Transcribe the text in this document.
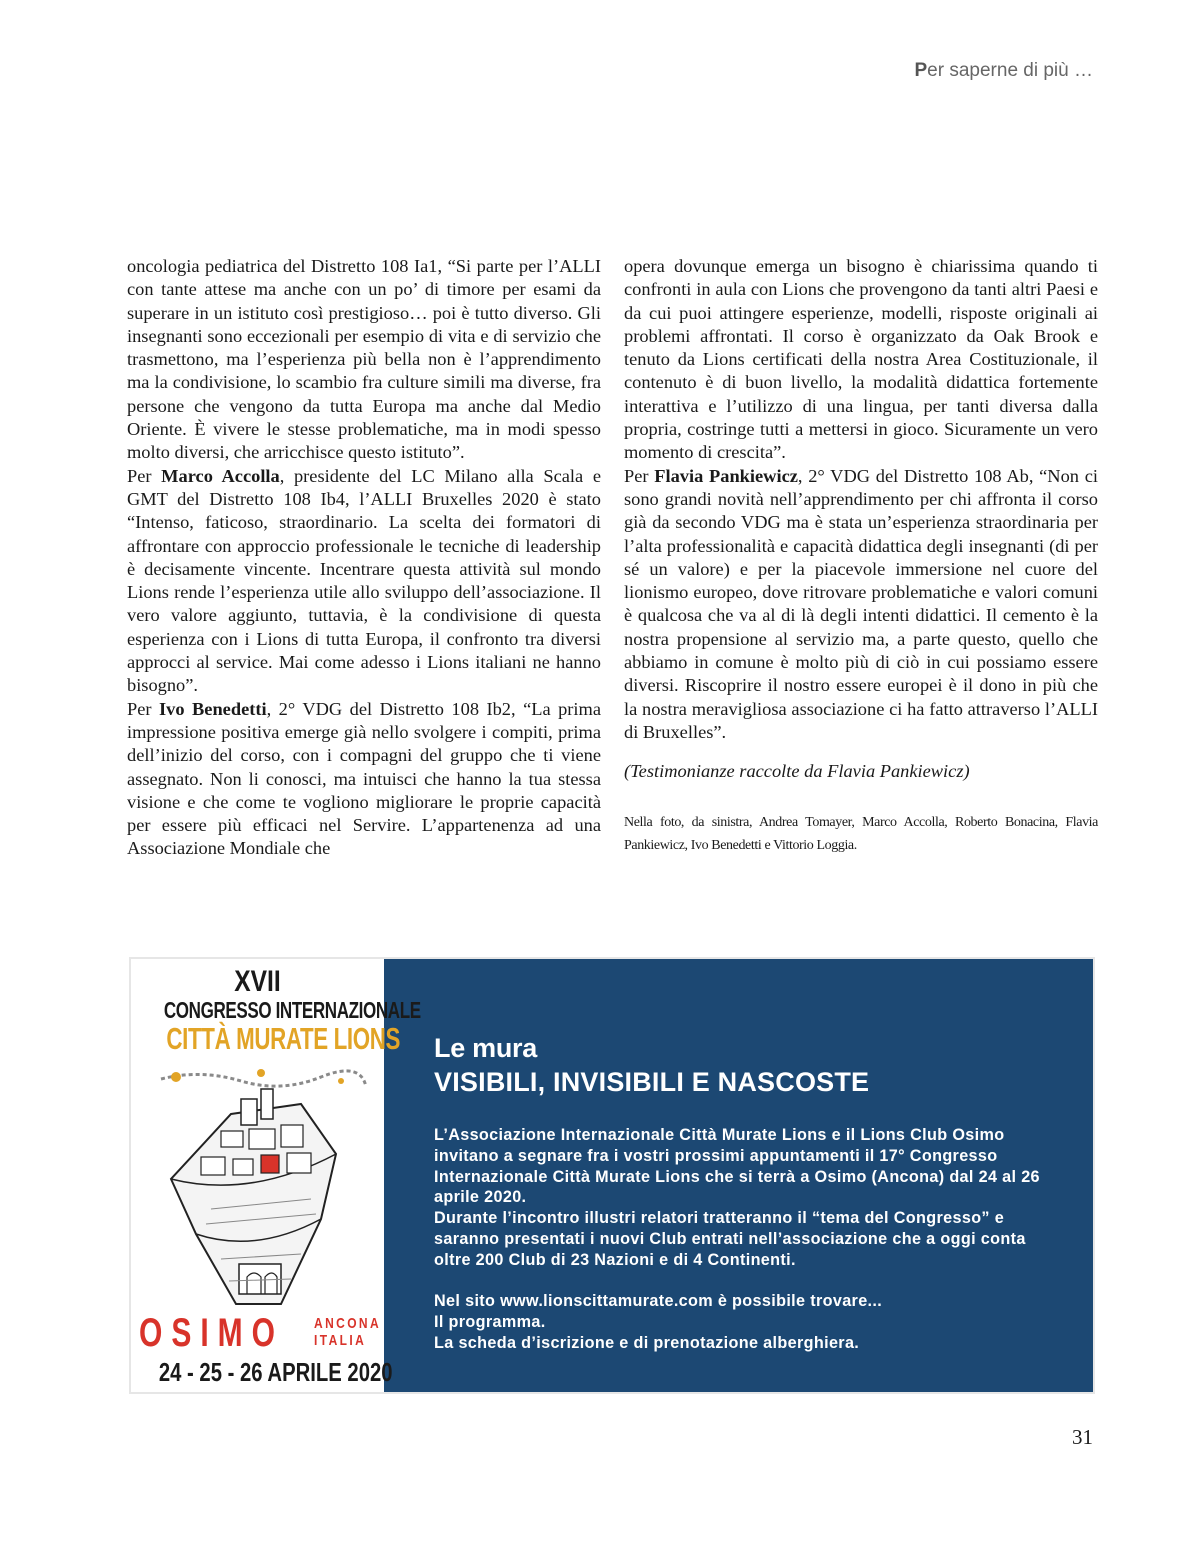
Per saperne di più …

oncologia pediatrica del Distretto 108 Ia1, “Si parte per l’ALLI con tante attese ma anche con un po’ di timore per esami da superare in un istituto così prestigioso… poi è tutto diverso. Gli insegnanti sono eccezionali per esempio di vita e di servizio che trasmettono, ma l’esperienza più bella non è l’apprendimento ma la condivisione, lo scambio fra culture simili ma diverse, fra persone che vengono da tutta Europa ma anche dal Medio Oriente. È vivere le stesse problematiche, ma in modi spesso molto diversi, che arricchisce questo istituto”.

Per Marco Accolla, presidente del LC Milano alla Scala e GMT del Distretto 108 Ib4, l’ALLI Bruxelles 2020 è stato “Intenso, faticoso, straordinario. La scelta dei formatori di affrontare con approccio professionale le tecniche di leadership è decisamente vincente. Incentrare questa attività sul mondo Lions rende l’esperienza utile allo sviluppo dell’associazione. Il vero valore aggiunto, tuttavia, è la condivisione di questa esperienza con i Lions di tutta Europa, il confronto tra diversi approcci al service. Mai come adesso i Lions italiani ne hanno bisogno”.

Per Ivo Benedetti, 2° VDG del Distretto 108 Ib2, “La prima impressione positiva emerge già nello svolgere i compiti, prima dell’inizio del corso, con i compagni del gruppo che ti viene assegnato. Non li conosci, ma intuisci che hanno la tua stessa visione e che come te vogliono migliorare le proprie capacità per essere più efficaci nel Servire. L’appartenenza ad una Associazione Mondiale che

opera dovunque emerga un bisogno è chiarissima quando ti confronti in aula con Lions che provengono da tanti altri Paesi e da cui puoi attingere esperienze, modelli, risposte originali ai problemi affrontati. Il corso è organizzato da Oak Brook e tenuto da Lions certificati della nostra Area Costituzionale, il contenuto è di buon livello, la modalità didattica fortemente interattiva e l’utilizzo di una lingua, per tanti diversa dalla propria, costringe tutti a mettersi in gioco. Sicuramente un vero momento di crescita”.

Per Flavia Pankiewicz, 2° VDG del Distretto 108 Ab, “Non ci sono grandi novità nell’apprendimento per chi affronta il corso già da secondo VDG ma è stata un’esperienza straordinaria per l’alta professionalità e capacità didattica degli insegnanti (di per sé un valore) e per la piacevole immersione nel cuore del lionismo europeo, dove ritrovare problematiche e valori comuni è qualcosa che va al di là degli intenti didattici. Il cemento è la nostra propensione al servizio ma, a parte questo, quello che abbiamo in comune è molto più di ciò in cui possiamo essere diversi. Riscoprire il nostro essere europei è il dono in più che la nostra meravigliosa associazione ci ha fatto attraverso l’ALLI di Bruxelles”.

(Testimonianze raccolte da Flavia Pankiewicz)

Nella foto, da sinistra, Andrea Tomayer, Marco Accolla, Roberto Bonacina, Flavia Pankiewicz, Ivo Benedetti e Vittorio Loggia.

XVII
CONGRESSO INTERNAZIONALE
CITTÀ MURATE LIONS
OSIMO ANCONA
ITALIA
24 - 25 - 26 APRILE 2020
Le mura
VISIBILI, INVISIBILI E NASCOSTE

L’Associazione Internazionale Città Murate Lions e il Lions Club Osimo invitano a segnare fra i vostri prossimi appuntamenti il 17° Congresso Internazionale Città Murate Lions che si terrà a Osimo (Ancona) dal 24 al 26 aprile 2020.

Durante l’incontro illustri relatori tratteranno il “tema del Congresso” e saranno presentati i nuovi Club entrati nell’associazione che a oggi conta oltre 200 Club di 23 Nazioni e di 4 Continenti.

Nel sito www.lionscittamurate.com è possibile trovare...

Il programma.

La scheda d’iscrizione e di prenotazione alberghiera.

31
